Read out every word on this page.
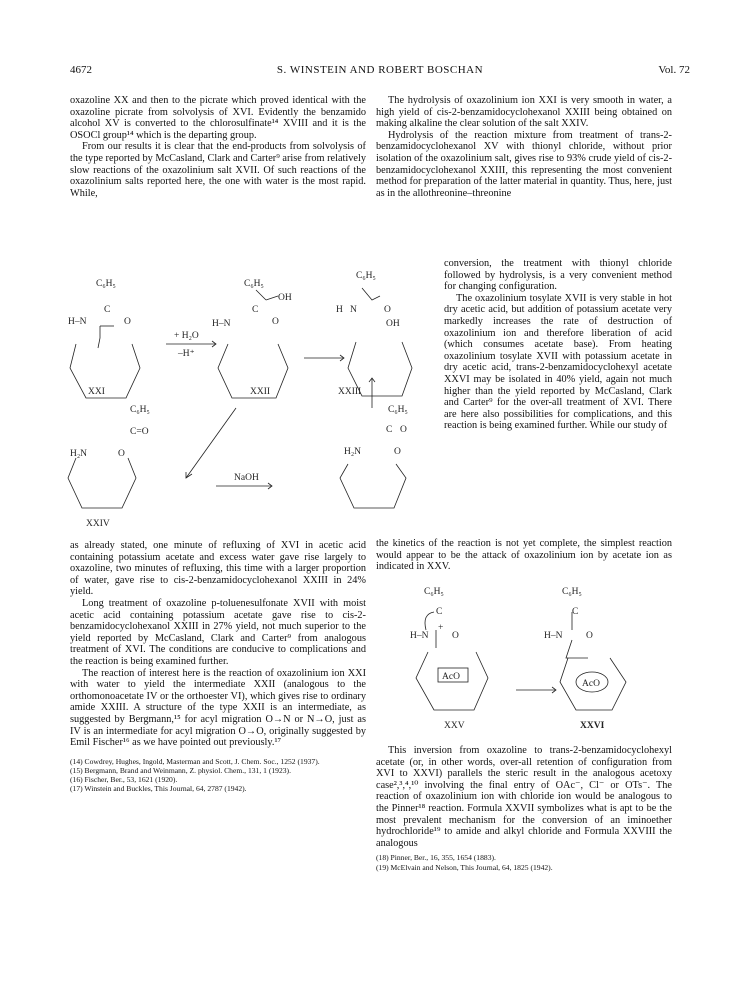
4672	S. WINSTEIN AND ROBERT BOSCHAN	Vol. 72

oxazoline XX and then to the picrate which proved identical with the oxazoline picrate from solvolysis of XVI. Evidently the benzamido alcohol XV is converted to the chlorosulfinate¹⁴ XVIII and it is the OSOCl group¹⁴ which is the departing group.

From our results it is clear that the end-products from solvolysis of the type reported by McCasland, Clark and Carter⁹ arise from relatively slow reactions of the oxazolinium salt XVII. Of such reactions of the oxazolinium salts reported here, the one with water is the most rapid. While,

C₆H₅
H–N
C
O
XXI
+ H₂O
–H⁺
C₆H₅
OH
H–N
C
O
XXII
H N
C₆H₅
O
OH
XXIII
C₆H₅
C=O
H₂N	O
XXIV
NaOH
C₆H₅
C O
H₂N	O

as already stated, one minute of refluxing of XVI in acetic acid containing potassium acetate and excess water gave rise largely to oxazoline, two minutes of refluxing, this time with a larger proportion of water, gave rise to cis-2-benzamidocyclohexanol XXIII in 24% yield.

Long treatment of oxazoline p-toluenesulfonate XVII with moist acetic acid containing potassium acetate gave rise to cis-2-benzamidocyclohexanol XXIII in 27% yield, not much superior to the yield reported by McCasland, Clark and Carter⁹ from analogous treatment of XVI. The conditions are conducive to complications and the reaction is being examined further.

The reaction of interest here is the reaction of oxazolinium ion XXI with water to yield the intermediate XXII (analogous to the orthomonoacetate IV or the orthoester VI), which gives rise to ordinary amide XXIII. A structure of the type XXII is an intermediate, as suggested by Bergmann,¹⁵ for acyl migration O→N or N→O, just as IV is an intermediate for acyl migration O→O, originally suggested by Emil Fischer¹⁶ as we have pointed out previously.¹⁷

(14) Cowdrey, Hughes, Ingold, Masterman and Scott, J. Chem. Soc., 1252 (1937).

(15) Bergmann, Brand and Weinmann, Z. physiol. Chem., 131, 1 (1923).

(16) Fischer, Ber., 53, 1621 (1920).

(17) Winstein and Buckles, This Journal, 64, 2787 (1942).

The hydrolysis of oxazolinium ion XXI is very smooth in water, a high yield of cis-2-benzamidocyclohexanol XXIII being obtained on making alkaline the clear solution of the salt XXIV.

Hydrolysis of the reaction mixture from treatment of trans-2-benzamidocyclohexanol XV with thionyl chloride, without prior isolation of the oxazolinium salt, gives rise to 93% crude yield of cis-2-benzamidocyclohexanol XXIII, this representing the most convenient method for preparation of the latter material in quantity. Thus, here, just as in the allothreonine–threonine

conversion, the treatment with thionyl chloride followed by hydrolysis, is a very convenient method for changing configuration.

The oxazolinium tosylate XVII is very stable in hot dry acetic acid, but addition of potassium acetate very markedly increases the rate of destruction of oxazolinium ion and therefore liberation of acid (which consumes acetate base). From heating oxazolinium tosylate XVII with potassium acetate in dry acetic acid, trans-2-benzamidocyclohexyl acetate XXVI may be isolated in 40% yield, again not much higher than the yield reported by McCasland, Clark and Carter⁹ for the over-all treatment of XVI. There are here also possibilities for complications, and this reaction is being examined further. While our study of

the kinetics of the reaction is not yet complete, the simplest reaction would appear to be the attack of oxazolinium ion by acetate ion as indicated in XXV.

C₆H₅
C
H–N O
+
AcO
XXV
C₆H₅
C
H–N O
AcO
XXVI

This inversion from oxazoline to trans-2-benzamidocyclohexyl acetate (or, in other words, over-all retention of configuration from XVI to XXVI) parallels the steric result in the analogous acetoxy case²,³,⁴,¹⁰ involving the final entry of OAc⁻, Cl⁻ or OTs⁻. The reaction of oxazolinium ion with chloride ion would be analogous to the Pinner¹⁸ reaction. Formula XXVII symbolizes what is apt to be the most prevalent mechanism for the conversion of an iminoether hydrochloride¹⁹ to amide and alkyl chloride and Formula XXVIII the analogous

(18) Pinner, Ber., 16, 355, 1654 (1883).

(19) McElvain and Nelson, This Journal, 64, 1825 (1942).
